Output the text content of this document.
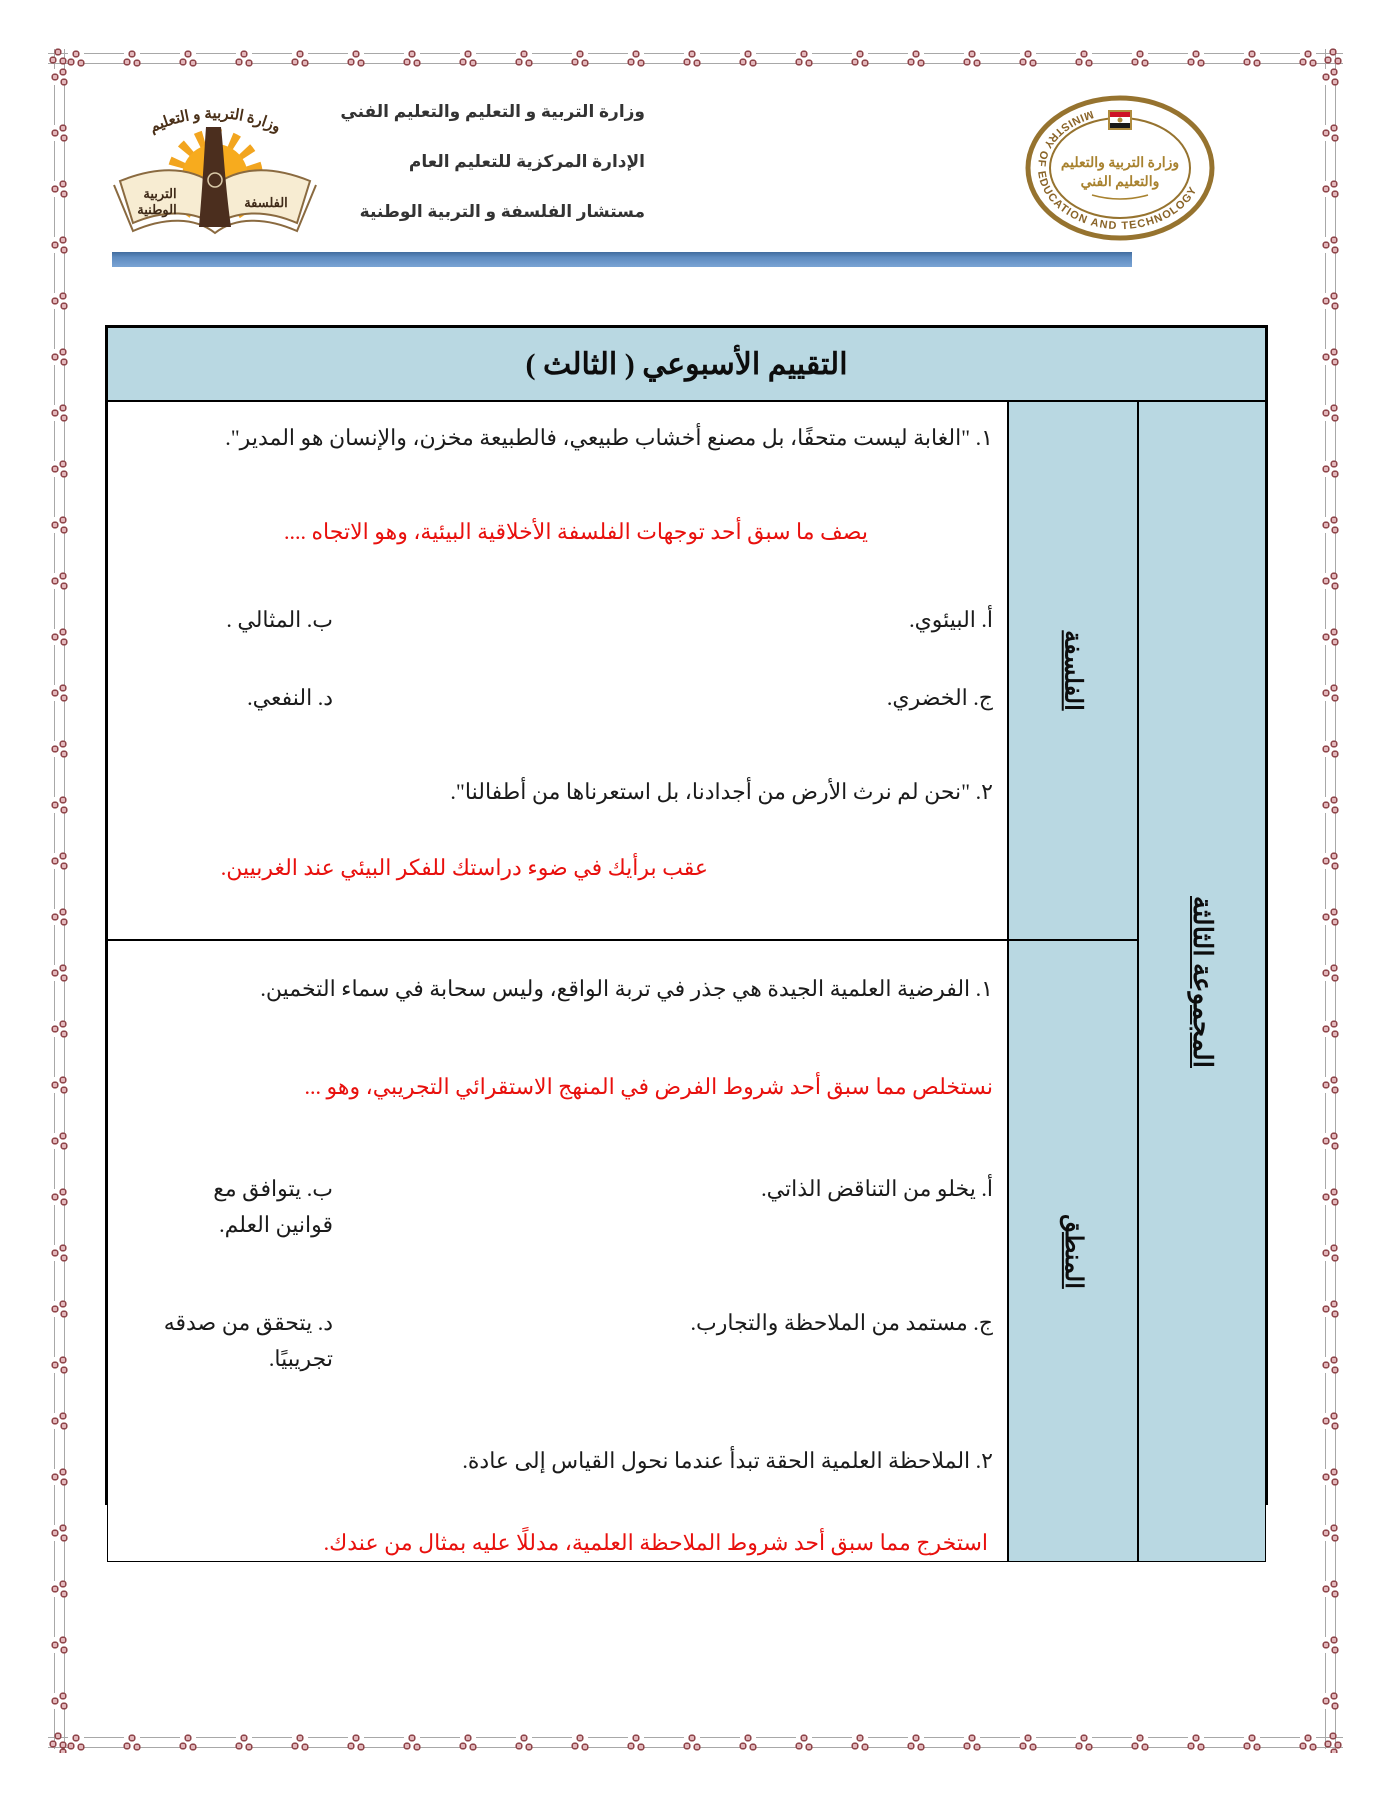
وزارة التربية و التعليم
التربية
الوطنية	الفلسفة
وزارة التربية و التعليم والتعليم الفني
الإدارة المركزية للتعليم العام
مستشار الفلسفة و التربية الوطنية
MINISTRY OF EDUCATION AND TECHNOLOGY
وزارة التربية والتعليم
والتعليم الفني
التقييم الأسبوعي ( الثالث )

١. "الغابة ليست متحفًا، بل مصنع أخشاب طبيعي، فالطبيعة مخزن، والإنسان هو المدير".

يصف ما سبق أحد توجهات الفلسفة الأخلاقية البيئية، وهو الاتجاه ....

أ. البيئوي.
ب. المثالي .
ج. الخضري.
د. النفعي.

٢. "نحن لم نرث الأرض من أجدادنا، بل استعرناها من أطفالنا".

عقب برأيك في ضوء دراستك للفكر البيئي عند الغربيين.

الفلسفة
المجموعة الثالثة

١. الفرضية العلمية الجيدة هي جذر في تربة الواقع، وليس سحابة في سماء التخمين.

نستخلص مما سبق أحد شروط الفرض في المنهج الاستقرائي التجريبي، وهو ...

أ. يخلو من التناقض الذاتي.
ب. يتوافق مع قوانين العلم.
ج. مستمد من الملاحظة والتجارب.
د. يتحقق من صدقه تجريبيًا.

٢. الملاحظة العلمية الحقة تبدأ عندما نحول القياس إلى عادة.

استخرج مما سبق أحد شروط الملاحظة العلمية، مدللًا عليه بمثال من عندك.

المنطق
